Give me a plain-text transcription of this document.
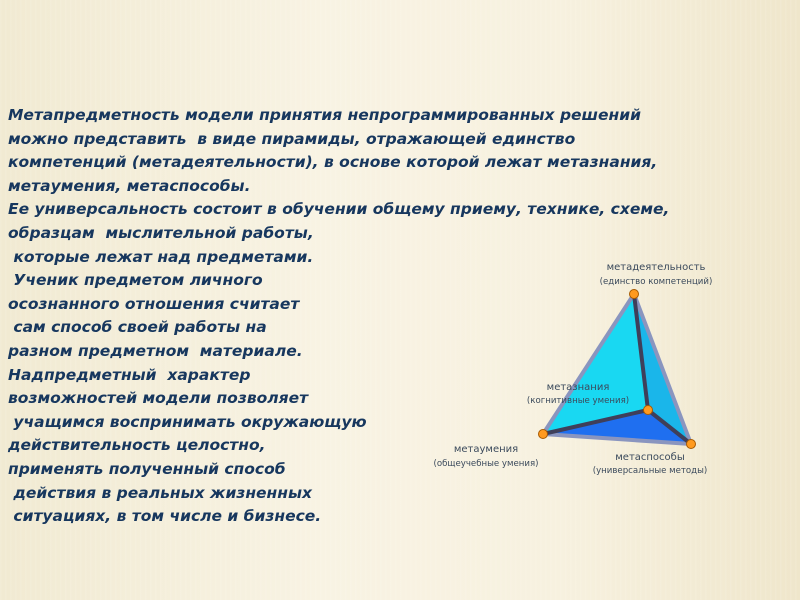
Метапредметность модели принятия непрограммированных решений
можно представить  в виде пирамиды, отражающей единство
компетенций (метадеятельности), в основе которой лежат метазнания,
метаумения, метаспособы.
Ее универсальность состоит в обучении общему приему, технике, схеме,
образцам  мыслительной работы,
которые лежат над предметами.
Ученик предметом личного
осознанного отношения считает
сам способ своей работы на
разном предметном  материале.
Надпредметный  характер
возможностей модели позволяет
учащимся воспринимать окружающую
действительность целостно,
применять полученный способ
действия в реальных жизненных
ситуациях, в том числе и бизнесе.
метадеятельность
(единство компетенций)
метазнания
(когнитивные умения)
метаумения
(общеучебные умения)
метаспособы
(универсальные методы)
